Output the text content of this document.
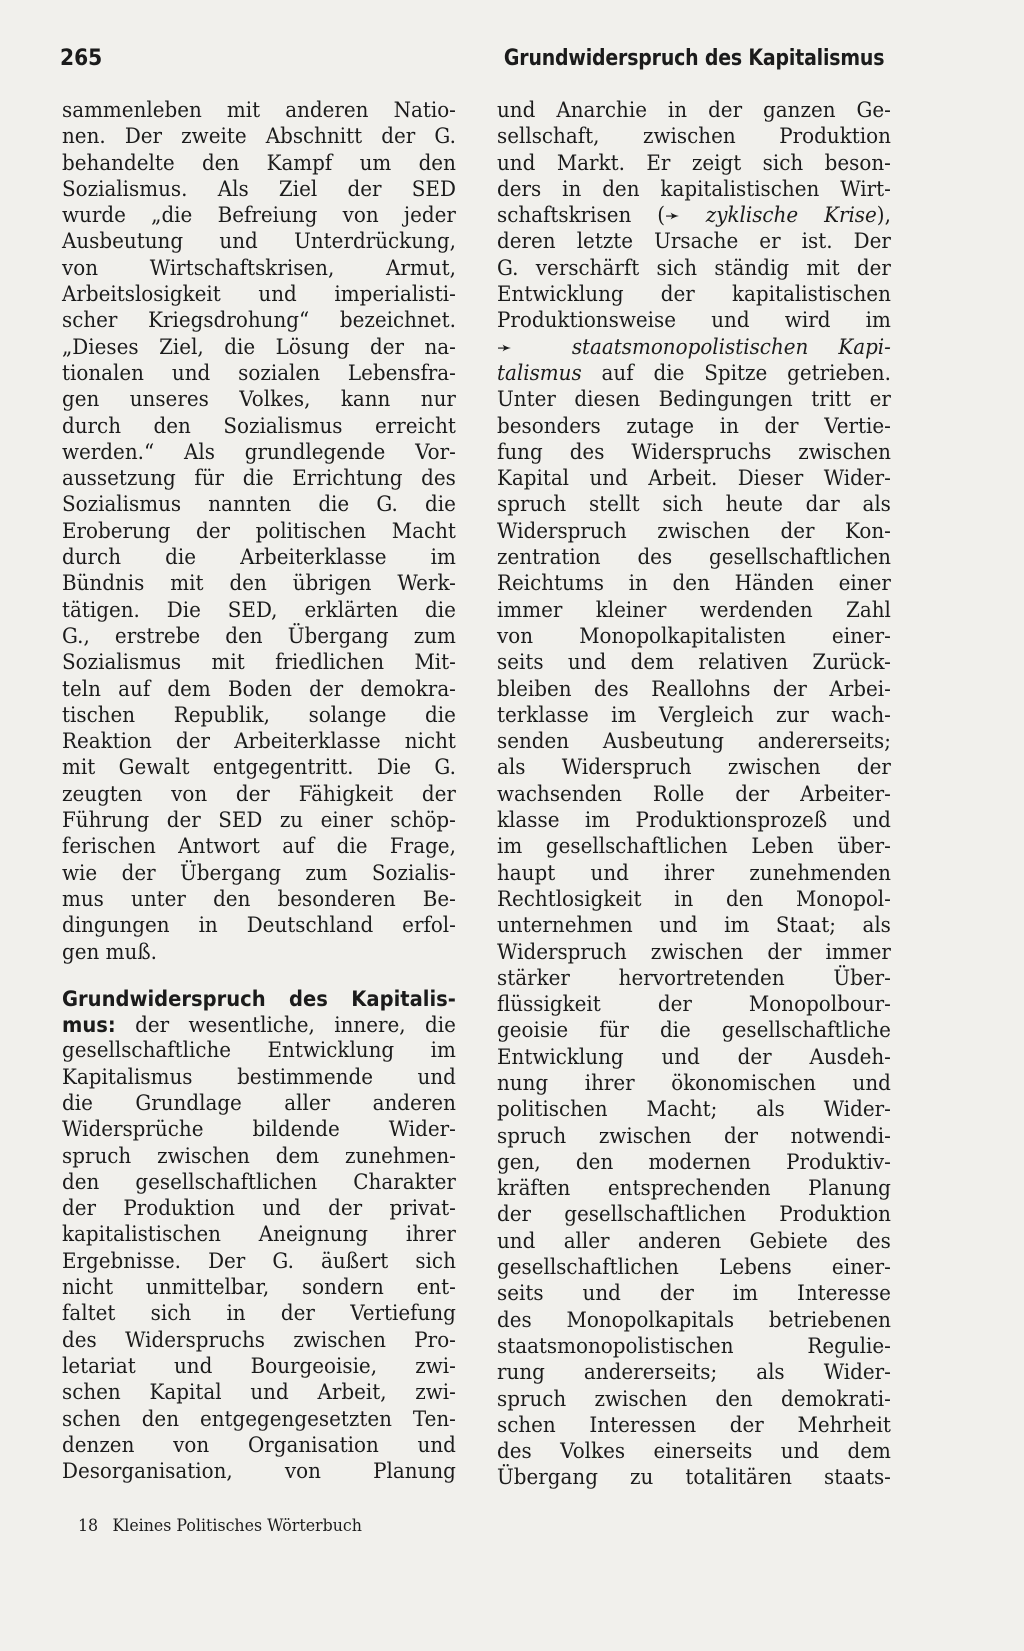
265	Grundwiderspruch des Kapitalismus
sammenleben mit anderen Natio-
nen. Der zweite Abschnitt der G.
behandelte den Kampf um den
Sozialismus. Als Ziel der SED
wurde „die Befreiung von jeder
Ausbeutung und Unterdrückung,
von Wirtschaftskrisen, Armut,
Arbeitslosigkeit und imperialisti-
scher Kriegsdrohung“ bezeichnet.
„Dieses Ziel, die Lösung der na-
tionalen und sozialen Lebensfra-
gen unseres Volkes, kann nur
durch den Sozialismus erreicht
werden.“ Als grundlegende Vor-
aussetzung für die Errichtung des
Sozialismus nannten die G. die
Eroberung der politischen Macht
durch die Arbeiterklasse im
Bündnis mit den übrigen Werk-
tätigen. Die SED, erklärten die
G., erstrebe den Übergang zum
Sozialismus mit friedlichen Mit-
teln auf dem Boden der demokra-
tischen Republik, solange die
Reaktion der Arbeiterklasse nicht
mit Gewalt entgegentritt. Die G.
zeugten von der Fähigkeit der
Führung der SED zu einer schöp-
ferischen Antwort auf die Frage,
wie der Übergang zum Sozialis-
mus unter den besonderen Be-
dingungen in Deutschland erfol-
gen muß.
Grundwiderspruch des Kapitalis-
mus: der wesentliche, innere, die
gesellschaftliche Entwicklung im
Kapitalismus bestimmende und
die Grundlage aller anderen
Widersprüche bildende Wider-
spruch zwischen dem zunehmen-
den gesellschaftlichen Charakter
der Produktion und der privat-
kapitalistischen Aneignung ihrer
Ergebnisse. Der G. äußert sich
nicht unmittelbar, sondern ent-
faltet sich in der Vertiefung
des Widerspruchs zwischen Pro-
letariat und Bourgeoisie, zwi-
schen Kapital und Arbeit, zwi-
schen den entgegengesetzten Ten-
denzen von Organisation und
Desorganisation, von Planung
und Anarchie in der ganzen Ge-
sellschaft, zwischen Produktion
und Markt. Er zeigt sich beson-
ders in den kapitalistischen Wirt-
schaftskrisen (➛ zyklische Krise),
deren letzte Ursache er ist. Der
G. verschärft sich ständig mit der
Entwicklung der kapitalistischen
Produktionsweise und wird im
➛	staatsmonopolistischen Kapi-
talismus auf die Spitze getrieben.
Unter diesen Bedingungen tritt er
besonders zutage in der Vertie-
fung des Widerspruchs zwischen
Kapital und Arbeit. Dieser Wider-
spruch stellt sich heute dar als
Widerspruch zwischen der Kon-
zentration des gesellschaftlichen
Reichtums in den Händen einer
immer kleiner werdenden Zahl
von Monopolkapitalisten einer-
seits und dem relativen Zurück-
bleiben des Reallohns der Arbei-
terklasse im Vergleich zur wach-
senden Ausbeutung andererseits;
als Widerspruch zwischen der
wachsenden Rolle der Arbeiter-
klasse im Produktionsprozeß und
im gesellschaftlichen Leben über-
haupt und ihrer zunehmenden
Rechtlosigkeit in den Monopol-
unternehmen und im Staat; als
Widerspruch zwischen der immer
stärker hervortretenden Über-
flüssigkeit der Monopolbour-
geoisie für die gesellschaftliche
Entwicklung und der Ausdeh-
nung ihrer ökonomischen und
politischen Macht; als Wider-
spruch zwischen der notwendi-
gen, den modernen Produktiv-
kräften entsprechenden Planung
der gesellschaftlichen Produktion
und aller anderen Gebiete des
gesellschaftlichen Lebens einer-
seits und der im Interesse
des Monopolkapitals betriebenen
staatsmonopolistischen Regulie-
rung andererseits; als Wider-
spruch zwischen den demokrati-
schen Interessen der Mehrheit
des Volkes einerseits und dem
Übergang zu totalitären staats-
18 Kleines Politisches Wörterbuch
